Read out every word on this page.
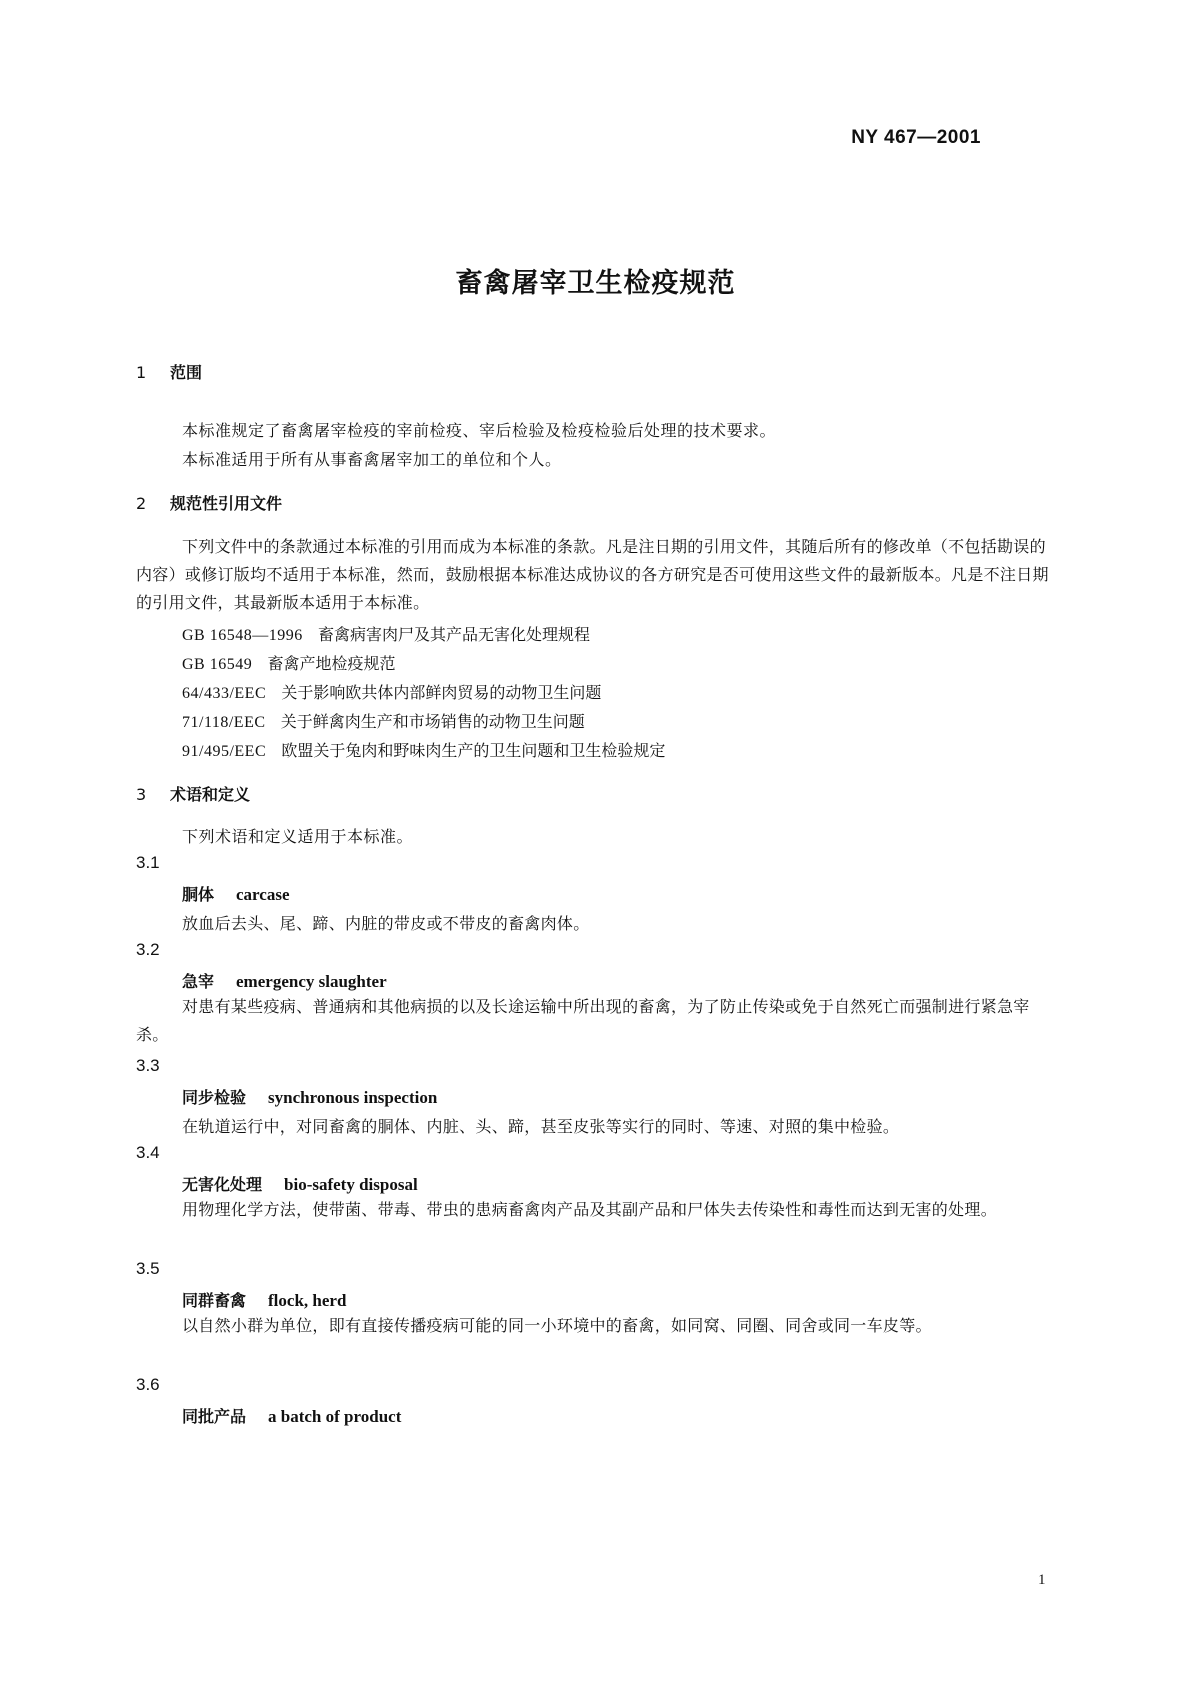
NY 467—2001
畜禽屠宰卫生检疫规范
1 范围
本标准规定了畜禽屠宰检疫的宰前检疫、宰后检验及检疫检验后处理的技术要求。
本标准适用于所有从事畜禽屠宰加工的单位和个人。
2 规范性引用文件
下列文件中的条款通过本标准的引用而成为本标准的条款。凡是注日期的引用文件，其随后所有的修改单（不包括勘误的内容）或修订版均不适用于本标准，然而，鼓励根据本标准达成协议的各方研究是否可使用这些文件的最新版本。凡是不注日期的引用文件，其最新版本适用于本标准。
GB 16548—1996 畜禽病害肉尸及其产品无害化处理规程
GB 16549 畜禽产地检疫规范
64/433/EEC 关于影响欧共体内部鲜肉贸易的动物卫生问题
71/118/EEC 关于鲜禽肉生产和市场销售的动物卫生问题
91/495/EEC 欧盟关于兔肉和野味肉生产的卫生问题和卫生检验规定
3 术语和定义
下列术语和定义适用于本标准。
3.1
胴体 carcase
放血后去头、尾、蹄、内脏的带皮或不带皮的畜禽肉体。
3.2
急宰 emergency slaughter
对患有某些疫病、普通病和其他病损的以及长途运输中所出现的畜禽，为了防止传染或免于自然死亡而强制进行紧急宰杀。
3.3
同步检验 synchronous inspection
在轨道运行中，对同畜禽的胴体、内脏、头、蹄，甚至皮张等实行的同时、等速、对照的集中检验。
3.4
无害化处理 bio-safety disposal
用物理化学方法，使带菌、带毒、带虫的患病畜禽肉产品及其副产品和尸体失去传染性和毒性而达到无害的处理。
3.5
同群畜禽 flock, herd
以自然小群为单位，即有直接传播疫病可能的同一小环境中的畜禽，如同窝、同圈、同舍或同一车皮等。
3.6
同批产品 a batch of product
1
